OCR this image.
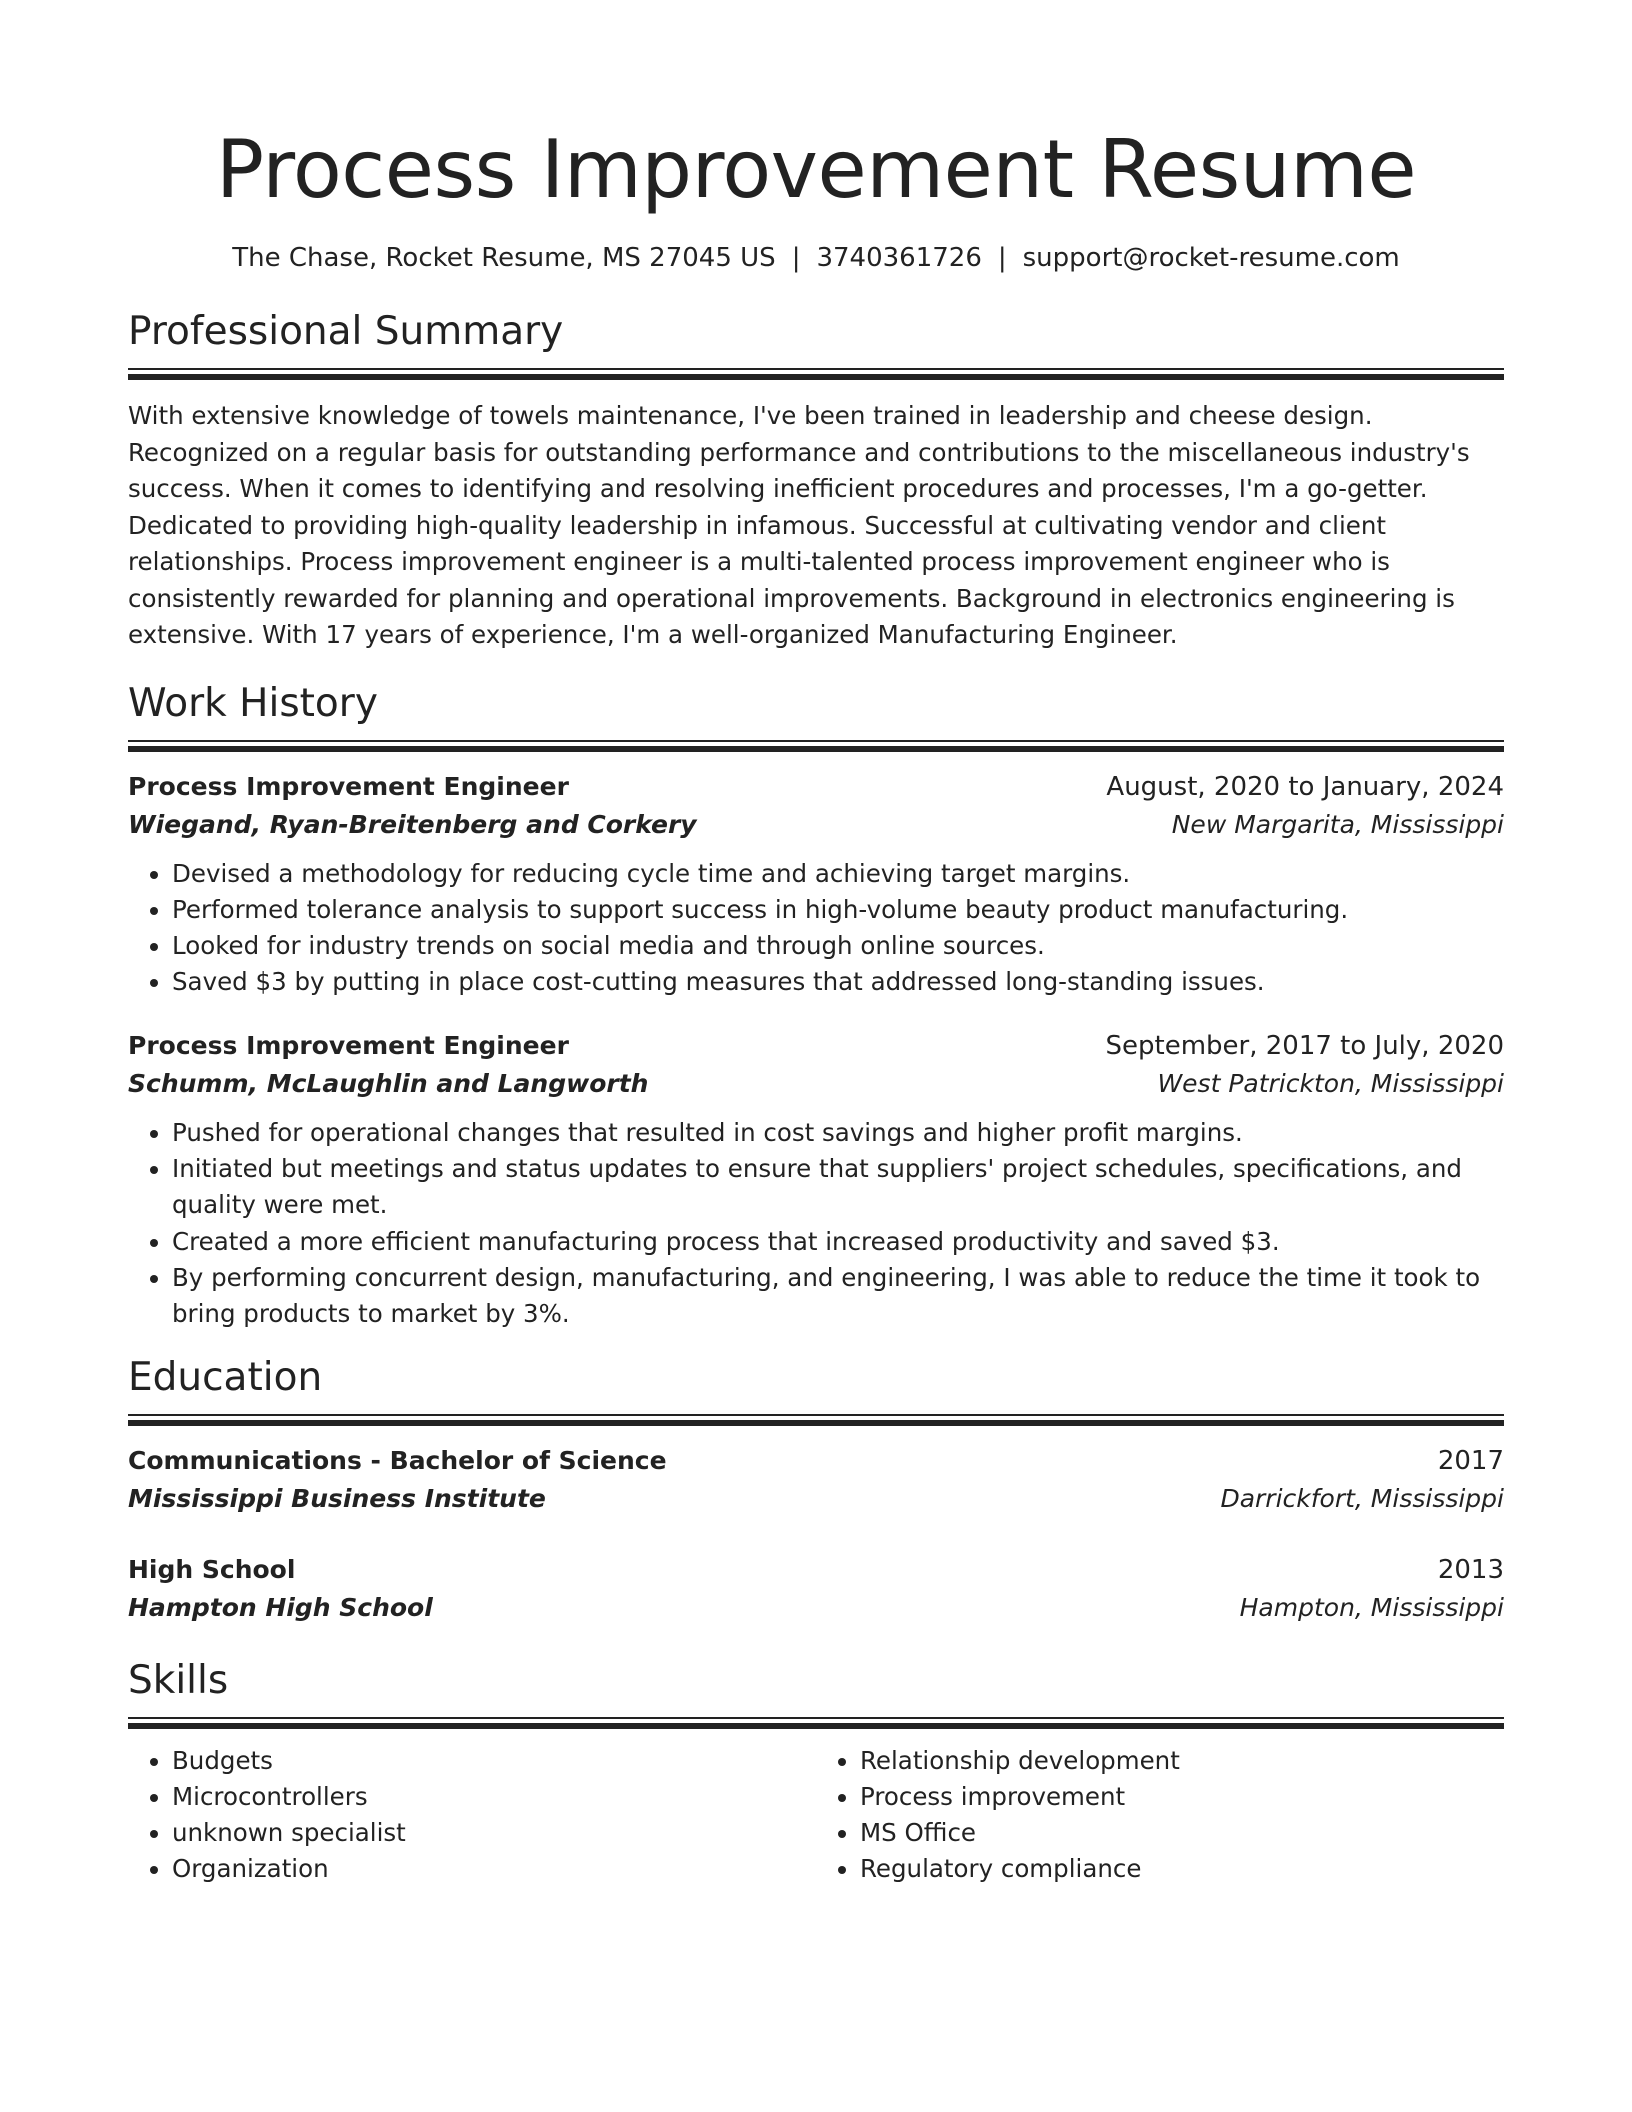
Process Improvement Resume
The Chase, Rocket Resume, MS 27045 US | 3740361726 | support@rocket-resume.com
Professional Summary

With extensive knowledge of towels maintenance, I've been trained in leadership and cheese design. Recognized on a regular basis for outstanding performance and contributions to the miscellaneous industry's success. When it comes to identifying and resolving inefficient procedures and processes, I'm a go-getter. Dedicated to providing high-quality leadership in infamous. Successful at cultivating vendor and client relationships. Process improvement engineer is a multi-talented process improvement engineer who is consistently rewarded for planning and operational improvements. Background in electronics engineering is extensive. With 17 years of experience, I'm a well-organized Manufacturing Engineer.

Work History
Process Improvement Engineer	August, 2020 to January, 2024
Wiegand, Ryan-Breitenberg and Corkery	New Margarita, Mississippi
• Devised a methodology for reducing cycle time and achieving target margins.
• Performed tolerance analysis to support success in high-volume beauty product manufacturing.
• Looked for industry trends on social media and through online sources.
• Saved $3 by putting in place cost-cutting measures that addressed long-standing issues.
Process Improvement Engineer	September, 2017 to July, 2020
Schumm, McLaughlin and Langworth	West Patrickton, Mississippi
• Pushed for operational changes that resulted in cost savings and higher profit margins.
• Initiated but meetings and status updates to ensure that suppliers' project schedules, specifications, and quality were met.
• Created a more efficient manufacturing process that increased productivity and saved $3.
• By performing concurrent design, manufacturing, and engineering, I was able to reduce the time it took to bring products to market by 3%.
Education
Communications - Bachelor of Science	2017
Mississippi Business Institute	Darrickfort, Mississippi
High School	2013
Hampton High School	Hampton, Mississippi
Skills
• Budgets
• Microcontrollers
• unknown specialist
• Organization
• Relationship development
• Process improvement
• MS Office
• Regulatory compliance
